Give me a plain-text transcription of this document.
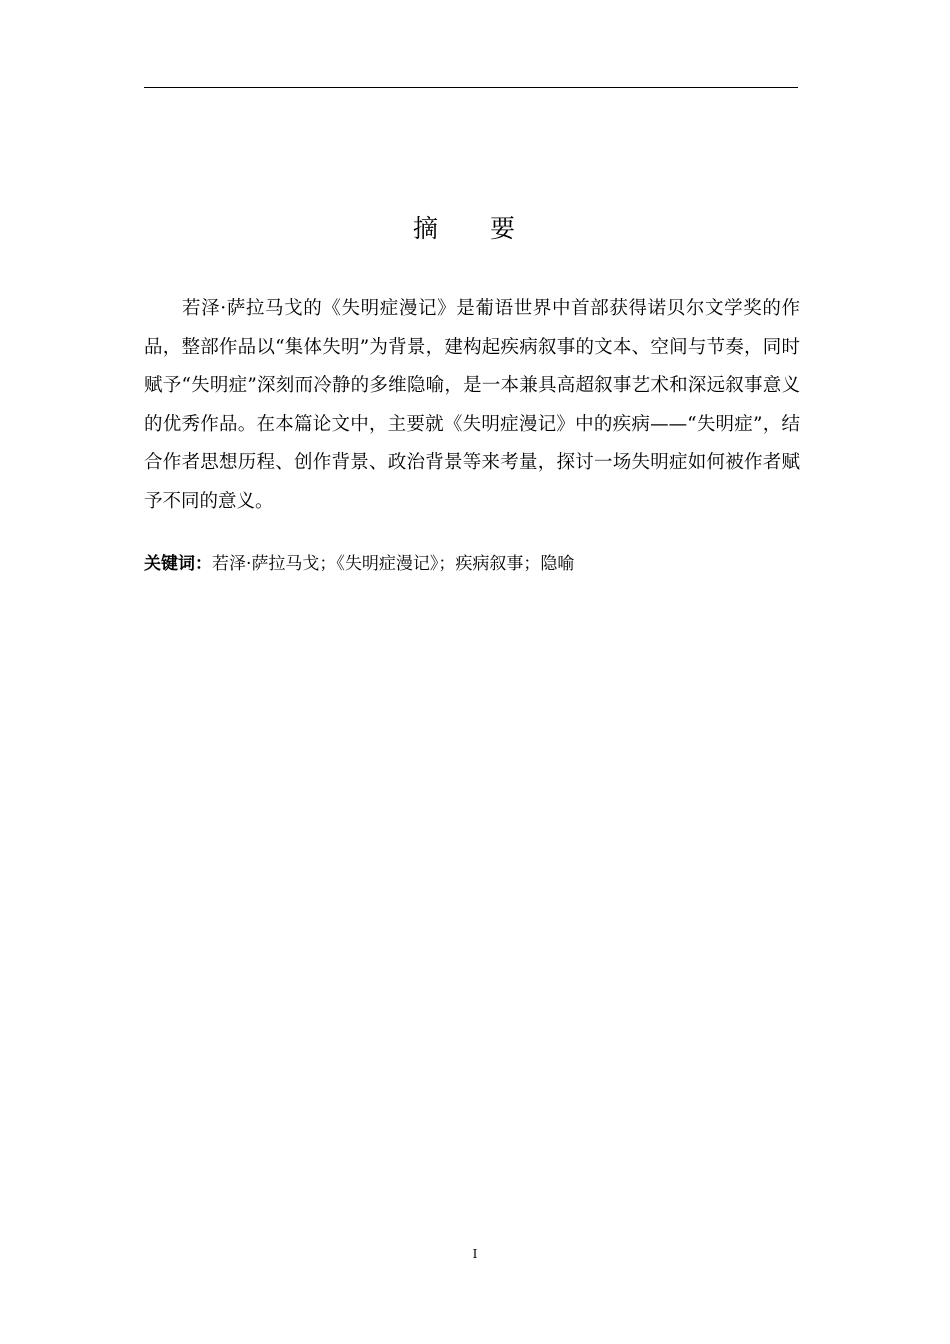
摘 要

若泽·萨拉马戈的《失明症漫记》是葡语世界中首部获得诺贝尔文学奖的作品，整部作品以“集体失明”为背景，建构起疾病叙事的文本、空间与节奏，同时赋予“失明症”深刻而冷静的多维隐喻，是一本兼具高超叙事艺术和深远叙事意义的优秀作品。在本篇论文中，主要就《失明症漫记》中的疾病——“失明症”，结合作者思想历程、创作背景、政治背景等来考量，探讨一场失明症如何被作者赋予不同的意义。

关键词：若泽·萨拉马戈；《失明症漫记》；疾病叙事；隐喻
I
